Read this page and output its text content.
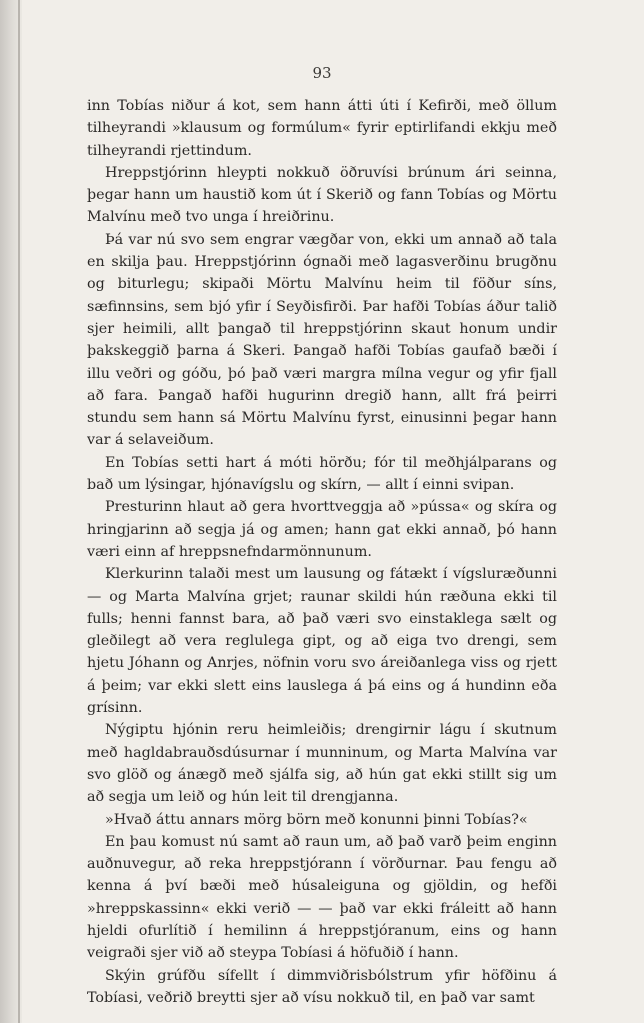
93

inn Tobías niður á kot, sem hann átti úti í Kefirði, með öllum tilheyrandi »klausum og formúlum« fyrir eptirlifandi ekkju með tilheyrandi rjettindum.

Hreppstjórinn hleypti nokkuð öðruvísi brúnum ári seinna, þegar hann um haustið kom út í Skerið og fann Tobías og Mörtu Malvínu með tvo unga í hreiðrinu.

Þá var nú svo sem engrar vægðar von, ekki um annað að tala en skilja þau. Hreppstjórinn ógnaði með lagasverðinu brugðnu og biturlegu; skipaði Mörtu Malvínu heim til föður síns, sæfinnsins, sem bjó yfir í Seyðisfirði. Þar hafði Tobías áður talið sjer heimili, allt þangað til hreppstjórinn skaut honum undir þakskeggið þarna á Skeri. Þangað hafði Tobías gaufað bæði í illu veðri og góðu, þó það væri margra mílna vegur og yfir fjall að fara. Þangað hafði hugurinn dregið hann, allt frá þeirri stundu sem hann sá Mörtu Malvínu fyrst, einusinni þegar hann var á selaveiðum.

En Tobías setti hart á móti hörðu; fór til meðhjálparans og bað um lýsingar, hjónavígslu og skírn, — allt í einni svipan.

Presturinn hlaut að gera hvorttveggja að »pússa« og skíra og hringjarinn að segja já og amen; hann gat ekki annað, þó hann væri einn af hreppsnefndarmönnunum.

Klerkurinn talaði mest um lausung og fátækt í vígsluræðunni — og Marta Malvína grjet; raunar skildi hún ræðuna ekki til fulls; henni fannst bara, að það væri svo einstaklega sælt og gleðilegt að vera reglulega gipt, og að eiga tvo drengi, sem hjetu Jóhann og Anrjes, nöfnin voru svo áreiðanlega viss og rjett á þeim; var ekki slett eins lauslega á þá eins og á hundinn eða grísinn.

Nýgiptu hjónin reru heimleiðis; drengirnir lágu í skutnum með hagldabrauðsdúsurnar í munninum, og Marta Malvína var svo glöð og ánægð með sjálfa sig, að hún gat ekki stillt sig um að segja um leið og hún leit til drengjanna.

»Hvað áttu annars mörg börn með konunni þinni Tobías?«

En þau komust nú samt að raun um, að það varð þeim enginn auðnuvegur, að reka hreppstjórann í vörðurnar. Þau fengu að kenna á því bæði með húsaleiguna og gjöldin, og hefði »hreppskassinn« ekki verið — — það var ekki fráleitt að hann hjeldi ofurlítið í hemilinn á hreppstjóranum, eins og hann veigraði sjer við að steypa Tobíasi á höfuðið í hann.

Skýin grúfðu sífellt í dimmviðrisbólstrum yfir höfðinu á Tobíasi, veðrið breytti sjer að vísu nokkuð til, en það var samt
